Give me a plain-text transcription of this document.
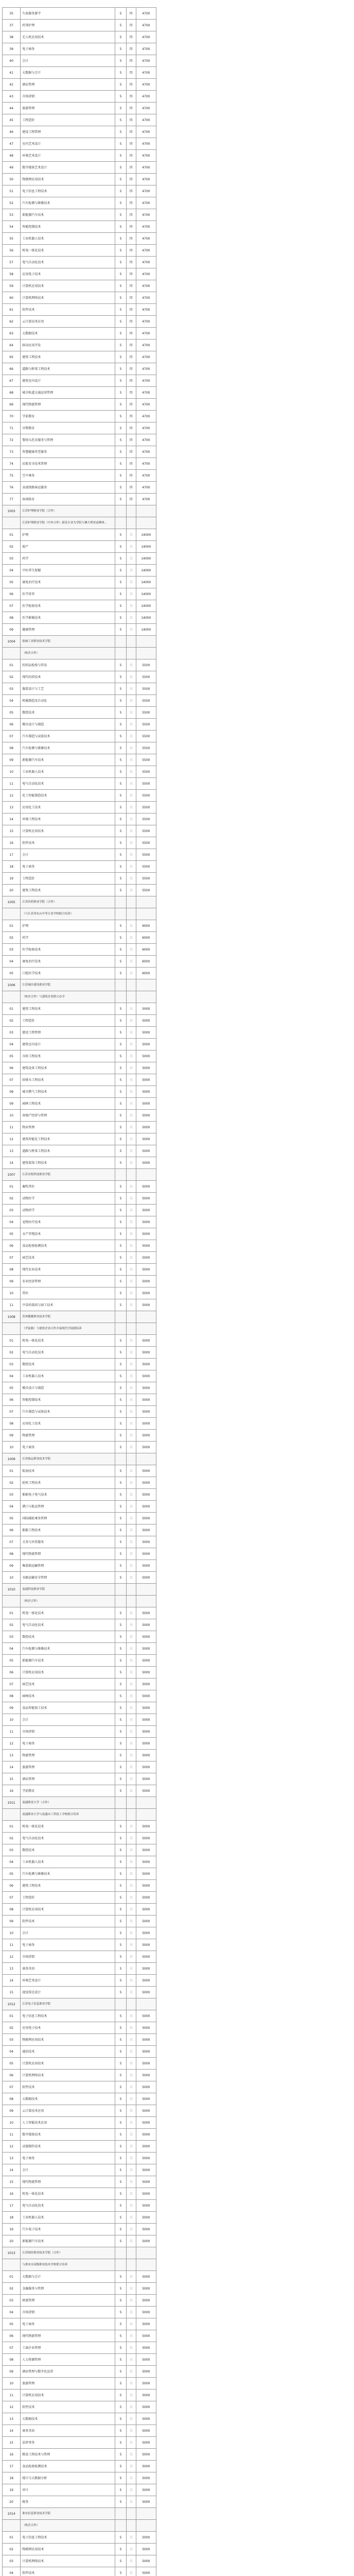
35	久鱼服务游学	5	四	4700
37	药事护理	5	四	4700
38	无人机应用技术	5	四	4700
39	电子商务	5	四	4700
40	会计	5	四	4700
41	大数据与会计	5	四	4700
42	酒店管理	5	四	4700
43	市场营销	5	四	4700
44	旅游管理	5	四	4700
45	工程造价	5	四	4700
46	建设工程管理	5	四	4700
47	室内艺术设计	5	四	4700
48	环境艺术设计	5	四	4700
49	数字媒体艺术设计	5	四	4700
50	物联网应用技术	5	四	4700
51	电子信息工程技术	5	四	4700
52	汽车检测与维修技术	5	四	4700
53	新能源汽车技术	5	四	4700
54	智能控制技术	5	四	4700
55	工业机器人技术	5	四	4700
56	机电一体化技术	5	四	4700
57	电气自动化技术	5	四	4700
58	应用电子技术	5	四	4700
59	计算机应用技术	5	四	4700
60	计算机网络技术	5	四	4700
61	软件技术	5	四	4700
62	云计算技术应用	5	四	4700
63	大数据技术	5	四	4700
64	移动应用开发	5	四	4700
65	建筑工程技术	5	四	4700
66	道路与桥梁工程技术	5	四	4700
67	建筑室内设计	5	四	4700
68	城市轨道交通运营管理	5	四	4700
69	现代物流管理	5	四	4700
70	学前教育	5	四	4700
71	早期教育	5	四	4700
72	婴幼儿托育服务与管理	5	四	4700
73	智慧健康养老服务	5	四	4700
74	民航安全技术管理	5	四	4700
75	空中乘务	5	四	4700
76	高速铁路客运服务	5	四	4700
77	休闲体育	5	四	4700
1003	江苏护理职业学院（合作）			
	江苏护理职业学院（中外合作）新设专业为学院与澳大利亚南澳州...			
01	护理	5	三	14000
02	助产	5	三	14000
03	药学	5	三	14000
04	中医养生保健	5	三	14000
05	康复治疗技术	5	三	14000
06	医学营养	5	三	14000
07	医学检验技术	5	三	14000
08	医学影像技术	5	三	14000
09	健康管理	5	三	14000
1004	盐城工业职业技术学院			
	（校企合作）			
01	纺织品检验与贸易	5	三	5500
02	现代纺织技术	5	三	5500
03	服装设计与工艺	5	三	5500
04	机械制造及自动化	5	三	5500
05	数控技术	5	三	5500
06	模具设计与制造	5	三	5500
07	汽车制造与试验技术	5	三	5500
08	汽车检测与维修技术	5	三	5500
09	新能源汽车技术	5	三	5500
10	工业机器人技术	5	三	5500
11	电气自动化技术	5	三	5500
12	化工智能制造技术	5	三	5500
13	应用化工技术	5	三	5500
14	环境工程技术	5	三	5500
15	计算机应用技术	5	三	5500
16	软件技术	5	三	5500
17	会计	5	三	5500
18	电子商务	5	三	5500
19	工程造价	5	三	5500
20	建筑工程技术	5	三	5500
1005	江苏医药职业学院（合作）			
	（与江苏省东台中等专业学校联合培养）			
01	护理	5	三	6000
02	药学	5	三	6000
03	医学检验技术	5	三	6000
04	康复治疗技术	5	三	6000
05	口腔医学技术	5	三	6000
1006	江苏城乡建设职业学院			
	（校企合作）与建筑企业联合办学			
01	建筑工程技术	5	三	5000
02	工程造价	5	三	5000
03	建设工程管理	5	三	5000
04	建筑室内设计	5	三	5000
05	市政工程技术	5	三	5000
06	建筑设备工程技术	5	三	5000
07	给排水工程技术	5	三	5000
08	城市燃气工程技术	5	三	5000
09	园林工程技术	5	三	5000
10	房地产经营与管理	5	三	5000
11	物业管理	5	三	5000
12	建筑智能化工程技术	5	三	5000
13	道路与桥梁工程技术	5	三	5000
14	建筑装饰工程技术	5	三	5000
1007	江苏农牧科技职业学院			
01	畜牧兽医	5	三	5000
02	动物医学	5	三	5000
03	动物药学	5	三	5000
04	宠物医疗技术	5	三	5000
05	水产养殖技术	5	三	5000
06	食品检验检测技术	5	三	5000
07	园艺技术	5	三	5000
08	现代农业技术	5	三	5000
09	农业经济管理	5	三	5000
10	兽医	5	三	5000
11	中草药栽培与加工技术	5	三	5000
1008	苏州健雄职业技术学院			
	（学徒制）与德资企业合作开展现代学徒制培养			
01	机电一体化技术	5	三	5000
02	电气自动化技术	5	三	5000
03	数控技术	5	三	5000
04	工业机器人技术	5	三	5000
05	模具设计与制造	5	三	5000
06	智能控制技术	5	三	5000
07	汽车制造与试验技术	5	三	5000
08	应用化工技术	5	三	5000
09	物流管理	5	三	5000
10	电子商务	5	三	5000
1009	江苏航运职业技术学院			
01	航海技术	5	三	5000
02	轮机工程技术	5	三	5000
03	船舶电子电气技术	5	三	5000
04	港口与航运管理	5	三	5000
05	国际邮轮乘务管理	5	三	5000
06	船舶工程技术	5	三	5000
07	关务与外贸服务	5	三	5000
08	现代物流管理	5	三	5000
09	集装箱运输管理	5	三	5000
10	水路运输安全管理	5	三	5000
1010	南通科技职业学院			
	（校企合作）			
01	机电一体化技术	5	三	5000
02	电气自动化技术	5	三	5000
03	数控技术	5	三	5000
04	汽车检测与维修技术	5	三	5000
05	新能源汽车技术	5	三	5000
06	计算机应用技术	5	三	5000
07	园艺技术	5	三	5000
08	园林技术	5	三	5000
09	食品智能加工技术	5	三	5000
10	会计	5	三	5000
11	市场营销	5	三	5000
12	电子商务	5	三	5000
13	物流管理	5	三	5000
14	旅游管理	5	三	5000
15	酒店管理	5	三	5000
16	学前教育	5	三	5000
1011	南通职业大学（合作）			
	南通职业大学与南通市工贸技工学校联合培养			
01	机电一体化技术	5	三	5000
02	电气自动化技术	5	三	5000
03	数控技术	5	三	5000
04	工业机器人技术	5	三	5000
05	汽车检测与维修技术	5	三	5000
06	建筑工程技术	5	三	5000
07	工程造价	5	三	5000
08	计算机应用技术	5	三	5000
09	软件技术	5	三	5000
10	会计	5	三	5000
11	电子商务	5	三	5000
12	市场营销	5	三	5000
13	商务英语	5	三	5000
14	环境艺术设计	5	三	5000
15	视觉传达设计	5	三	5000
1012	江苏电子信息职业学院			
01	电子信息工程技术	5	三	5000
02	应用电子技术	5	三	5000
03	物联网应用技术	5	三	5000
04	通信技术	5	三	5000
05	计算机应用技术	5	三	5000
06	计算机网络技术	5	三	5000
07	软件技术	5	三	5000
08	大数据技术	5	三	5000
09	云计算技术应用	5	三	5000
10	人工智能技术应用	5	三	5000
11	数字媒体技术	5	三	5000
12	动漫制作技术	5	三	5000
13	电子商务	5	三	5000
14	会计	5	三	5000
15	现代物流管理	5	三	5000
16	机电一体化技术	5	三	5000
17	电气自动化技术	5	三	5000
18	工业机器人技术	5	三	5000
19	汽车电子技术	5	三	5000
20	新能源汽车技术	5	三	5000
1013	江苏财经职业技术学院（合作）			
	与淮安市高级职业技术学校联合培养			
01	大数据与会计	5	三	5000
02	金融服务与管理	5	三	5000
03	财富管理	5	三	5000
04	市场营销	5	三	5000
05	电子商务	5	三	5000
06	现代物流管理	5	三	5000
07	工商企业管理	5	三	5000
08	人力资源管理	5	三	5000
09	酒店管理与数字化运营	5	三	5000
10	旅游管理	5	三	5000
11	计算机应用技术	5	三	5000
12	软件技术	5	三	5000
13	大数据技术	5	三	5000
14	商务英语	5	三	5000
15	法律事务	5	三	5000
16	粮食工程技术与管理	5	三	5000
17	食品检验检测技术	5	三	5000
18	统计与大数据分析	5	三	5000
19	审计	5	三	5000
20	税务	5	三	5000
1014	淮安信息职业技术学院			
	（校企合作）			
01	电子信息工程技术	5	三	5000
02	物联网应用技术	5	三	5000
03	计算机网络技术	5	三	5000
04	软件技术	5	三	5000
